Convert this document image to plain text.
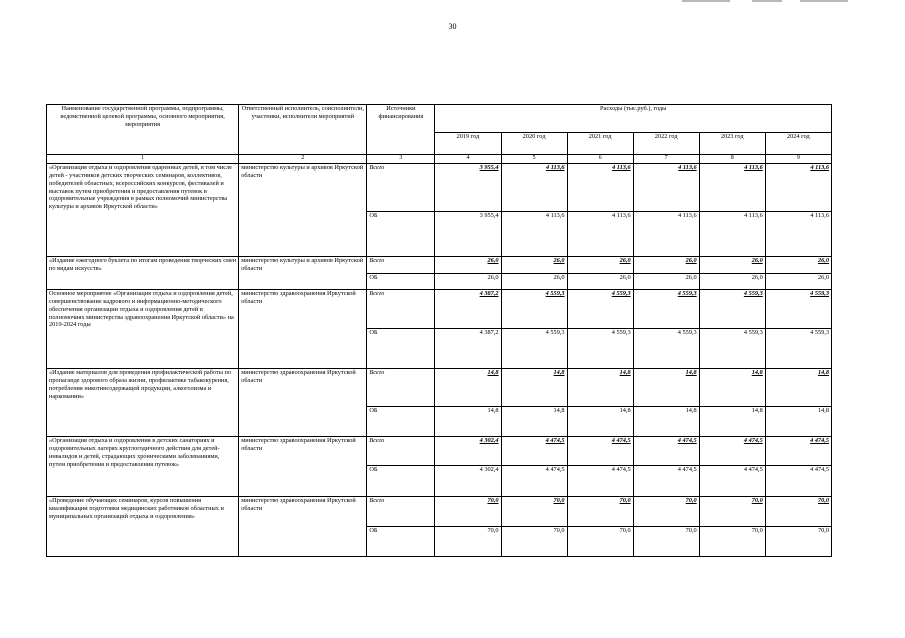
30
Наименование государственной программы, подпрограммы, ведомственной целевой программы, основного мероприятия, мероприятия	Ответственный исполнитель, соисполнители, участники, исполнители мероприятий	Источники финансирования	Расходы (тыс.руб.), годы					
			2019 год	2020 год	2021 год	2022 год	2023 год	2024 год
1	2	3	4	5	6	7	8	9
«Организация отдыха и оздоровления одаренных детей, в том числе детей - участников детских творческих семинаров, коллективов, победителей областных, всероссийских конкурсов, фестивалей и выставок путем приобретения и предоставления путевок в оздоровительные учреждения в рамках полномочий министерства культуры и архивов Иркутской области»	министерство культуры и архивов Иркутской области	Всего	3 955,4	4 113,6	4 113,6	4 113,6	4 113,6	4 113,6
		ОБ	3 955,4	4 113,6	4 113,6	4 113,6	4 113,6	4 113,6
«Издание ежегодного буклета по итогам проведения творческих смен по видам искусств»	министерство культуры и архивов Иркутской области	Всего	26,0	26,0	26,0	26,0	26,0	26,0
		ОБ	26,0	26,0	26,0	26,0	26,0	26,0
Основное мероприятие «Организация отдыха и оздоровления детей, совершенствование кадрового и информационно-методического обеспечения организации отдыха и оздоровления детей в полномочиях министерства здравоохранения Иркутской области» на 2019-2024 годы	министерство здравоохранения Иркутской области	Всего	4 387,2	4 559,3	4 559,3	4 559,3	4 559,3	4 559,3
		ОБ	4 387,2	4 559,3	4 559,3	4 559,3	4 559,3	4 559,3
«Издание материалов для проведения профилактической работы по пропаганде здорового образа жизни, профилактике табакокурения, потребления никотинсодержащей продукции, алкоголизма и наркомании»	министерство здравоохранения Иркутской области	Всего	14,8	14,8	14,8	14,8	14,8	14,8
		ОБ	14,8	14,8	14,8	14,8	14,8	14,8
«Организация отдыха и оздоровления в детских санаториях и оздоровительных лагерях круглогодичного действия для детей-инвалидов и детей, страдающих хроническими заболеваниями, путем приобретения и предоставления путевок»	министерство здравоохранения Иркутской области	Всего	4 302,4	4 474,5	4 474,5	4 474,5	4 474,5	4 474,5
		ОБ	4 302,4	4 474,5	4 474,5	4 474,5	4 474,5	4 474,5
«Проведение обучающих семинаров, курсов повышения квалификации подготовки медицинских работников областных и муниципальных организаций отдыха и оздоровления»	министерство здравоохранения Иркутской области	Всего	70,0	70,0	70,0	70,0	70,0	70,0
		ОБ	70,0	70,0	70,0	70,0	70,0	70,0
